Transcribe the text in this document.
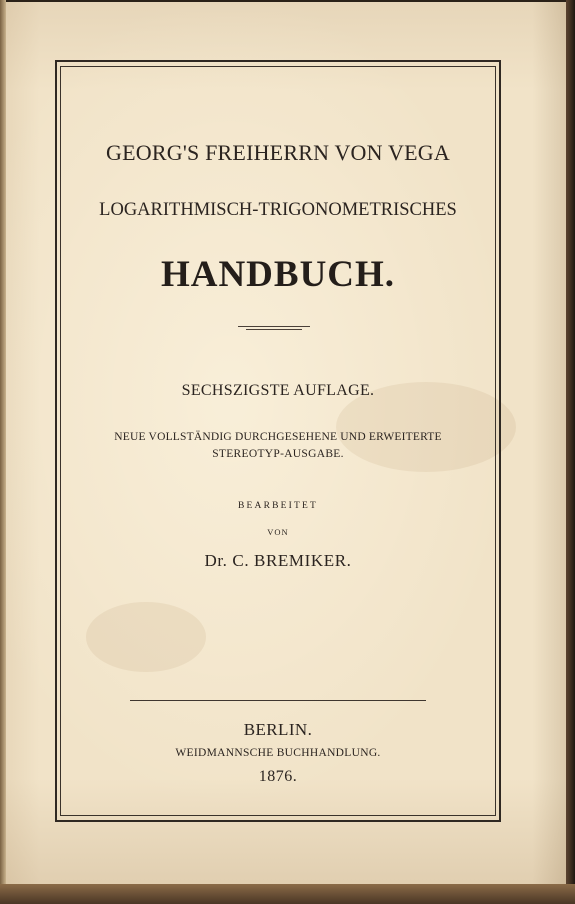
GEORG'S FREIHERRN VON VEGA
LOGARITHMISCH-TRIGONOMETRISCHES
HANDBUCH.
SECHSZIGSTE AUFLAGE.
NEUE VOLLSTÄNDIG DURCHGESEHENE UND ERWEITERTE
STEREOTYP-AUSGABE.
BEARBEITET
VON
Dr. C. BREMIKER.
BERLIN.
WEIDMANNSCHE BUCHHANDLUNG.
1876.
